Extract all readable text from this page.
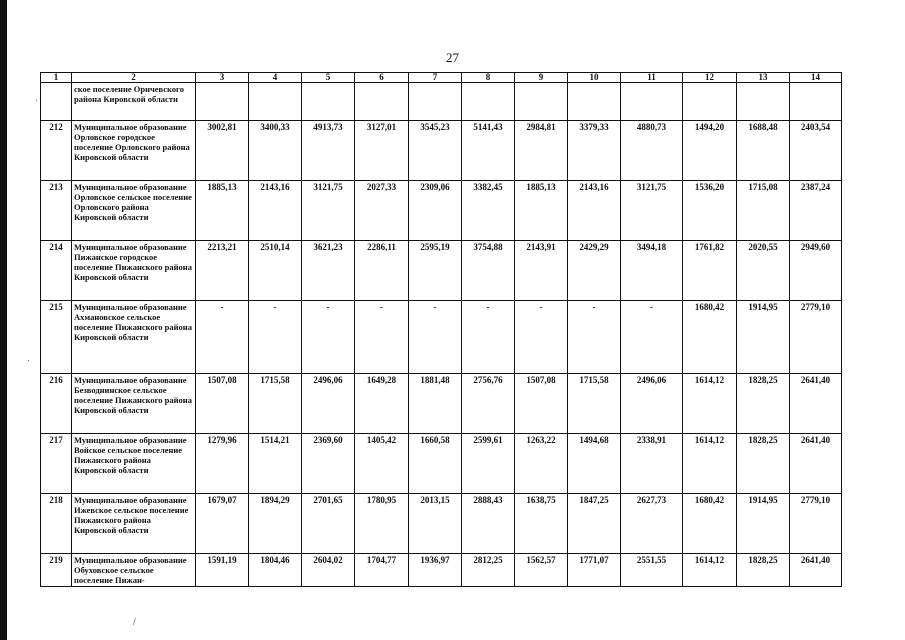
27
1	2	3	4	5	6	7	8	9	10	11	12	13	14
	ское поселение Оричевского района Кировской области												
212	Муниципальное образование Орловское городское поселение Орловского района Кировской области	3002,81	3400,33	4913,73	3127,01	3545,23	5141,43	2984,81	3379,33	4880,73	1494,20	1688,48	2403,54
213	Муниципальное образование Орловское сельское поселение Орловского района Кировской области	1885,13	2143,16	3121,75	2027,33	2309,06	3382,45	1885,13	2143,16	3121,75	1536,20	1715,08	2387,24
214	Муниципальное образование Пижанское городское поселение Пижанского района Кировской области	2213,21	2510,14	3621,23	2286,11	2595,19	3754,88	2143,91	2429,29	3494,18	1761,82	2020,55	2949,60
215	Муниципальное образование Ахмановское сельское поселение Пижанского района Кировской области	-	-	-	-	-	-	-	-	-	1680,42	1914,95	2779,10
216	Муниципальное образование Безводнинское сельское поселение Пижанского района Кировской области	1507,08	1715,58	2496,06	1649,28	1881,48	2756,76	1507,08	1715,58	2496,06	1614,12	1828,25	2641,40
217	Муниципальное образование Войское сельское поселение Пижанского района Кировской области	1279,96	1514,21	2369,60	1405,42	1660,58	2599,61	1263,22	1494,68	2338,91	1614,12	1828,25	2641,40
218	Муниципальное образование Ижевское сельское поселение Пижанского района Кировской области	1679,07	1894,29	2701,65	1780,95	2013,15	2888,43	1638,75	1847,25	2627,73	1680,42	1914,95	2779,10
219	Муниципальное образование Обуховское сельское поселение Пижан-	1591,19	1804,46	2604,02	1704,77	1936,97	2812,25	1562,57	1771,07	2551,55	1614,12	1828,25	2641,40
/
